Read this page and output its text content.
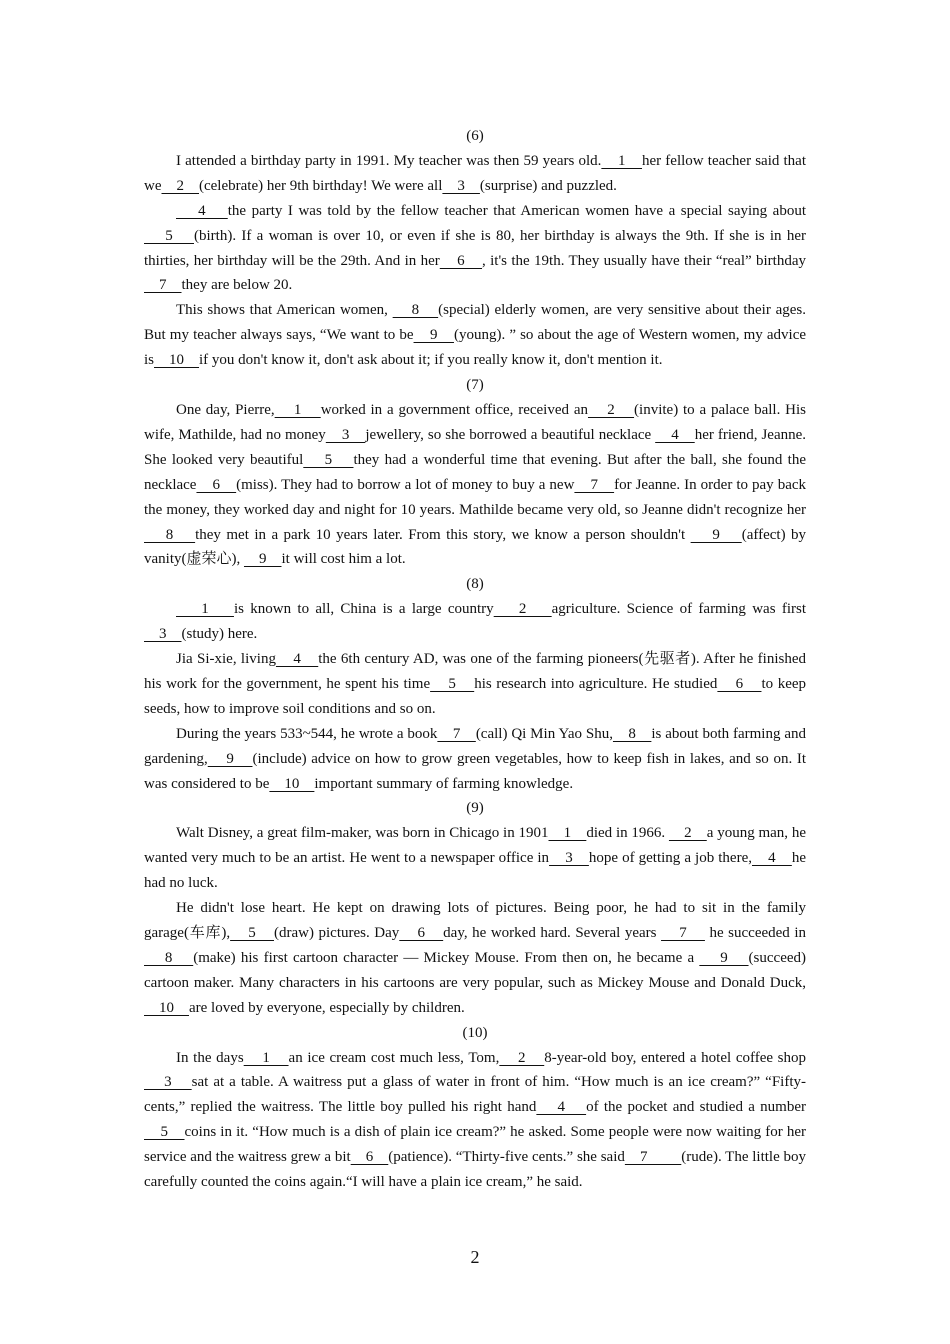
(6)
I attended a birthday party in 1991. My teacher was then 59 years old.    1    her fellow teacher said that we    2    (celebrate) her 9th birthday! We were all    3    (surprise) and puzzled.
4    the party I was told by the fellow teacher that American women have a special saying about    5    (birth). If a woman is over 10, or even if she is 80, her birthday is always the 9th. If she is in her thirties, her birthday will be the 29th. And in her    6    , it's the 19th. They usually have their “real” birthday     7    they are below 20.
This shows that American women,     8    (special) elderly women, are very sensitive about their ages. But my teacher always says, “We want to be    9    (young). ” so about the age of Western women, my advice is    10    if you don't know it, don't ask about it; if you really know it, don't mention it.
(7)
One day, Pierre,    1    worked in a government office, received an    2    (invite) to a palace ball. His wife, Mathilde, had no money    3    jewellery, so she borrowed a beautiful necklace     4    her friend, Jeanne. She looked very beautiful    5    they had a wonderful time that evening. But after the ball, she found the necklace    6    (miss). They had to borrow a lot of money to buy a new    7    for Jeanne. In order to pay back the money, they worked day and night for 10 years. Mathilde became very old, so Jeanne didn't recognize her    8    they met in a park 10 years later. From this story, we know a person shouldn't     9    (affect) by vanity(虚荣心),     9    it will cost him a lot.
(8)
1    is known to all, China is a large country    2    agriculture. Science of farming was first     3    (study) here.
Jia Si-xie, living    4    the 6th century AD, was one of the farming pioneers(先驱者). After he finished his work for the government, he spent his time    5    his research into agriculture. He studied    6    to keep seeds, how to improve soil conditions and so on.
During the years 533~544, he wrote a book    7    (call) Qi Min Yao Shu,    8    is about both farming and gardening,    9    (include) advice on how to grow green vegetables, how to keep fish in lakes, and so on. It was considered to be    10    important summary of farming knowledge.
(9)
Walt Disney, a great film-maker, was born in Chicago in 1901    1    died in 1966.     2    a young man, he wanted very much to be an artist. He went to a newspaper office in    3    hope of getting a job there,    4    he had no luck.
He didn't lose heart. He kept on drawing lots of pictures. Being poor, he had to sit in the family garage(车库),    5    (draw) pictures. Day    6    day, he worked hard. Several years     7     he succeeded in    8    (make) his first cartoon character — Mickey Mouse. From then on, he became a     9    (succeed) cartoon maker. Many characters in his cartoons are very popular, such as Mickey Mouse and Donald Duck,    10    are loved by everyone, especially by children.
(10)
In the days    1    an ice cream cost much less, Tom,    2    8-year-old boy, entered a hotel coffee shop    3    sat at a table. A waitress put a glass of water in front of him. “How much is an ice cream?” “Fifty-cents,” replied the waitress. The little boy pulled his right hand    4    of the pocket and studied a number    5    coins in it. “How much is a dish of plain ice cream?” he asked. Some people were now waiting for her service and the waitress grew a bit    6    (patience). “Thirty-five cents.” she said    7         (rude). The little boy carefully counted the coins again.“I will have a plain ice cream,” he said.
2
